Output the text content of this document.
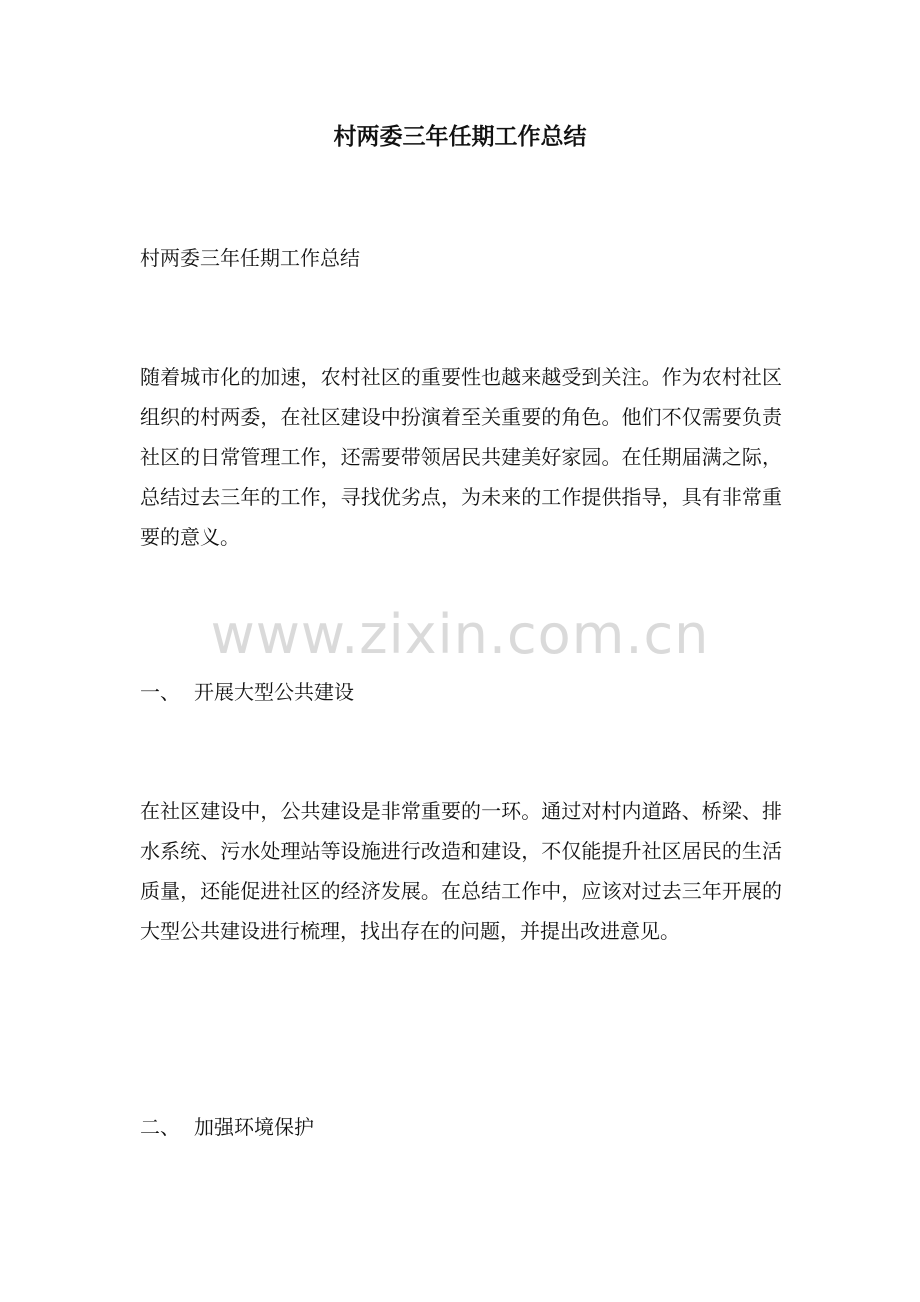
村两委三年任期工作总结

村两委三年任期工作总结

随着城市化的加速，农村社区的重要性也越来越受到关注。作为农村社区组织的村两委，在社区建设中扮演着至关重要的角色。他们不仅需要负责社区的日常管理工作，还需要带领居民共建美好家园。在任期届满之际，总结过去三年的工作，寻找优劣点，为未来的工作提供指导，具有非常重要的意义。

www.zixin.com.cn
一、 开展大型公共建设

在社区建设中，公共建设是非常重要的一环。通过对村内道路、桥梁、排水系统、污水处理站等设施进行改造和建设，不仅能提升社区居民的生活质量，还能促进社区的经济发展。在总结工作中，应该对过去三年开展的大型公共建设进行梳理，找出存在的问题，并提出改进意见。

二、 加强环境保护
